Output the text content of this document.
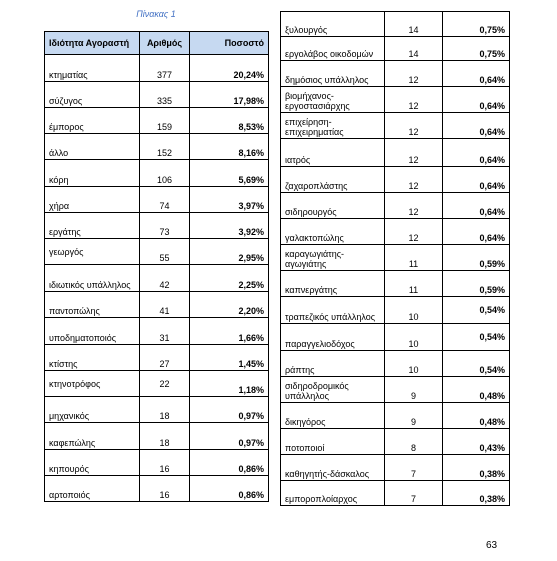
Πίνακας 1
Ιδιότητα Αγοραστή	Αριθμός	Ποσοστό
κτηματίας	377	20,24%
σύζυγος	335	17,98%
έμπορος	159	8,53%
άλλο	152	8,16%
κόρη	106	5,69%
χήρα	74	3,97%
εργάτης	73	3,92%
γεωργός	55	2,95%
ιδιωτικός υπάλληλος	42	2,25%
παντοπώλης	41	2,20%
υποδηματοποιός	31	1,66%
κτίστης	27	1,45%
κτηνοτρόφος	22	1,18%
μηχανικός	18	0,97%
καφεπώλης	18	0,97%
κηπουρός	16	0,86%
αρτοποιός	16	0,86%
ξυλουργός	14	0,75%
εργολάβος οικοδομών	14	0,75%
δημόσιος υπάλληλος	12	0,64%
βιομήχανος-εργοστασιάρχης	12	0,64%
επιχείρηση-επιχειρηματίας	12	0,64%
ιατρός	12	0,64%
ζαχαροπλάστης	12	0,64%
σιδηρουργός	12	0,64%
γαλακτοπώλης	12	0,64%
καραγωγιάτης-αγωγιάτης	11	0,59%
καπνεργάτης	11	0,59%
τραπεζικός υπάλληλος	10	0,54%
παραγγελιοδόχος	10	0,54%
ράπτης	10	0,54%
σιδηροδρομικός υπάλληλος	9	0,48%
δικηγόρος	9	0,48%
ποτοποιοί	8	0,43%
καθηγητής-δάσκαλος	7	0,38%
εμπορoπλοίαρχος	7	0,38%
63
